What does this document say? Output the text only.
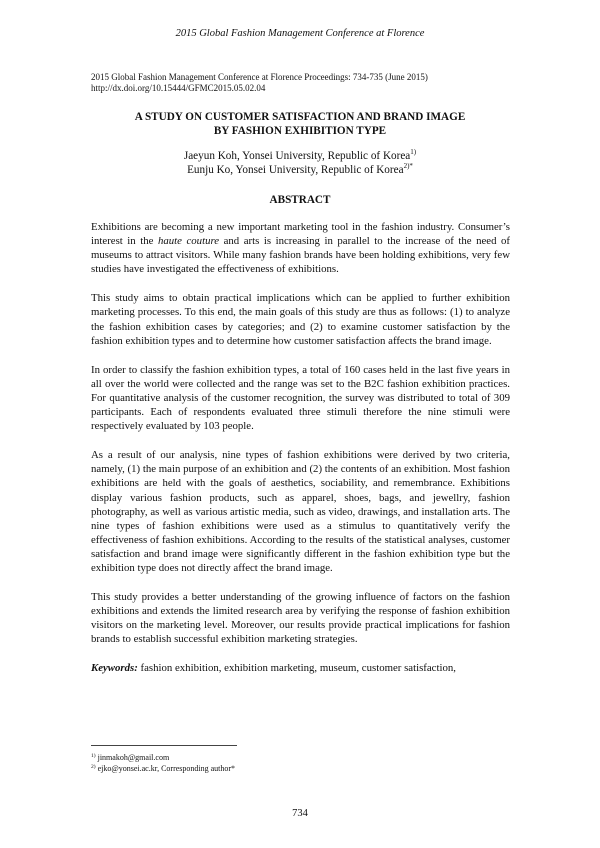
2015 Global Fashion Management Conference at Florence
2015 Global Fashion Management Conference at Florence Proceedings: 734-735 (June 2015)
http://dx.doi.org/10.15444/GFMC2015.05.02.04
A STUDY ON CUSTOMER SATISFACTION AND BRAND IMAGE
BY FASHION EXHIBITION TYPE
Jaeyun Koh, Yonsei University, Republic of Korea$^{1)}$
Eunju Ko, Yonsei University, Republic of Korea$^{2)*}$
ABSTRACT

Exhibitions are becoming a new important marketing tool in the fashion industry. Consumer’s interest in the haute couture and arts is increasing in parallel to the increase of the need of museums to attract visitors. While many fashion brands have been holding exhibitions, very few studies have investigated the effectiveness of exhibitions.

This study aims to obtain practical implications which can be applied to further exhibition marketing processes. To this end, the main goals of this study are thus as follows: (1) to analyze the fashion exhibition cases by categories; and (2) to examine customer satisfaction by the fashion exhibition types and to determine how customer satisfaction affects the brand image.

In order to classify the fashion exhibition types, a total of 160 cases held in the last five years in all over the world were collected and the range was set to the B2C fashion exhibition practices. For quantitative analysis of the customer recognition, the survey was distributed to total of 309 participants. Each of respondents evaluated three stimuli therefore the nine stimuli were respectively evaluated by 103 people.

As a result of our analysis, nine types of fashion exhibitions were derived by two criteria, namely, (1) the main purpose of an exhibition and (2) the contents of an exhibition. Most fashion exhibitions are held with the goals of aesthetics, sociability, and remembrance. Exhibitions display various fashion products, such as apparel, shoes, bags, and jewellry, fashion photography, as well as various artistic media, such as video, drawings, and installation arts. The nine types of fashion exhibitions were used as a stimulus to quantitatively verify the effectiveness of fashion exhibitions. According to the results of the statistical analyses, customer satisfaction and brand image were significantly different in the fashion exhibition type but the exhibition type does not directly affect the brand image.

This study provides a better understanding of the growing influence of factors on the fashion exhibitions and extends the limited research area by verifying the response of fashion exhibition visitors on the marketing level. Moreover, our results provide practical implications for fashion brands to establish successful exhibition marketing strategies.

Keywords: fashion exhibition, exhibition marketing, museum, customer satisfaction,

$^{1)}$ jinmakoh@gmail.com
$^{2)}$ ejko@yonsei.ac.kr, Corresponding author*
734
